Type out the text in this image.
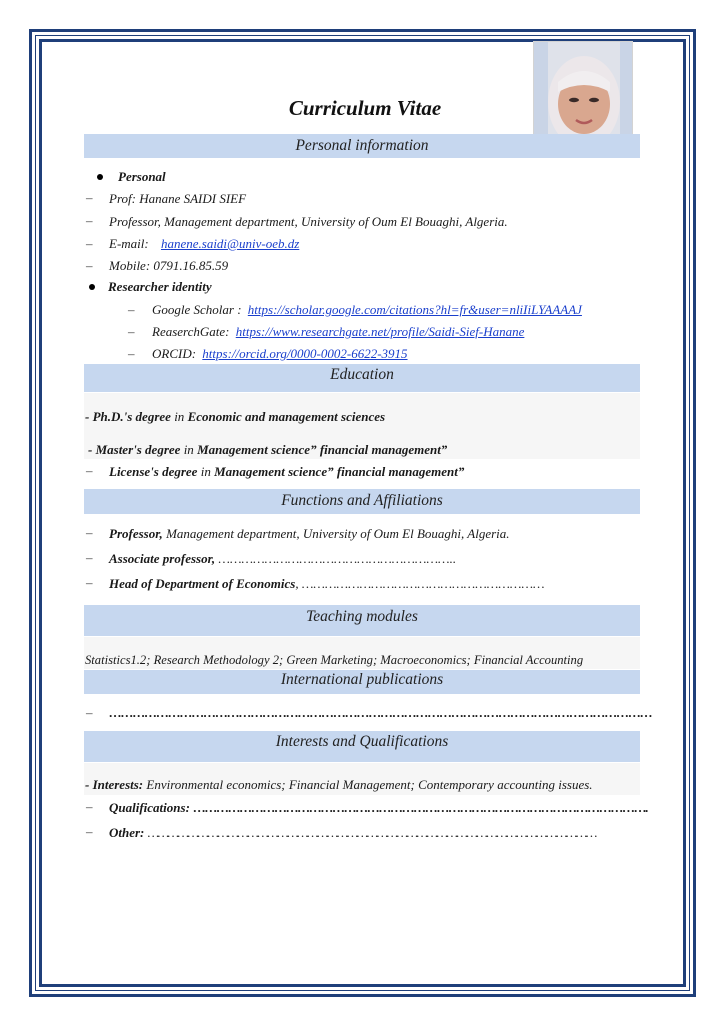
Curriculum Vitae
Personal information
Personal
– Prof: Hanane SAIDI SIEF
– Professor, Management department, University of Oum El Bouaghi, Algeria.
– E-mail: hanene.saidi@univ-oeb.dz
– Mobile: 0791.16.85.59
Researcher identity
– Google Scholar : https://scholar.google.com/citations?hl=fr&user=nliIiLYAAAAJ
– ReaserchGate: https://www.researchgate.net/profile/Saidi-Sief-Hanane
– ORCID: https://orcid.org/0000-0002-6622-3915
Education
- Ph.D.'s degree in Economic and management sciences
- Master's degree in Management science” financial management”
– License's degree in Management science” financial management”
Functions and Affiliations
– Professor, Management department, University of Oum El Bouaghi, Algeria.
– Associate professor, ……………………………………………………..
– Head of Department of Economics, ………………………………………………………
Teaching modules
Statistics1.2; Research Methodology 2; Green Marketing; Macroeconomics; Financial Accounting
International publications
– …………………………………………………………………………………………………………………………
Interests and Qualifications
- Interests: Environmental economics; Financial Management; Contemporary accounting issues.
– Qualifications: ……………………………………………………………………………………………………….
– Other: ………………………………………………………………………………………………………………………
